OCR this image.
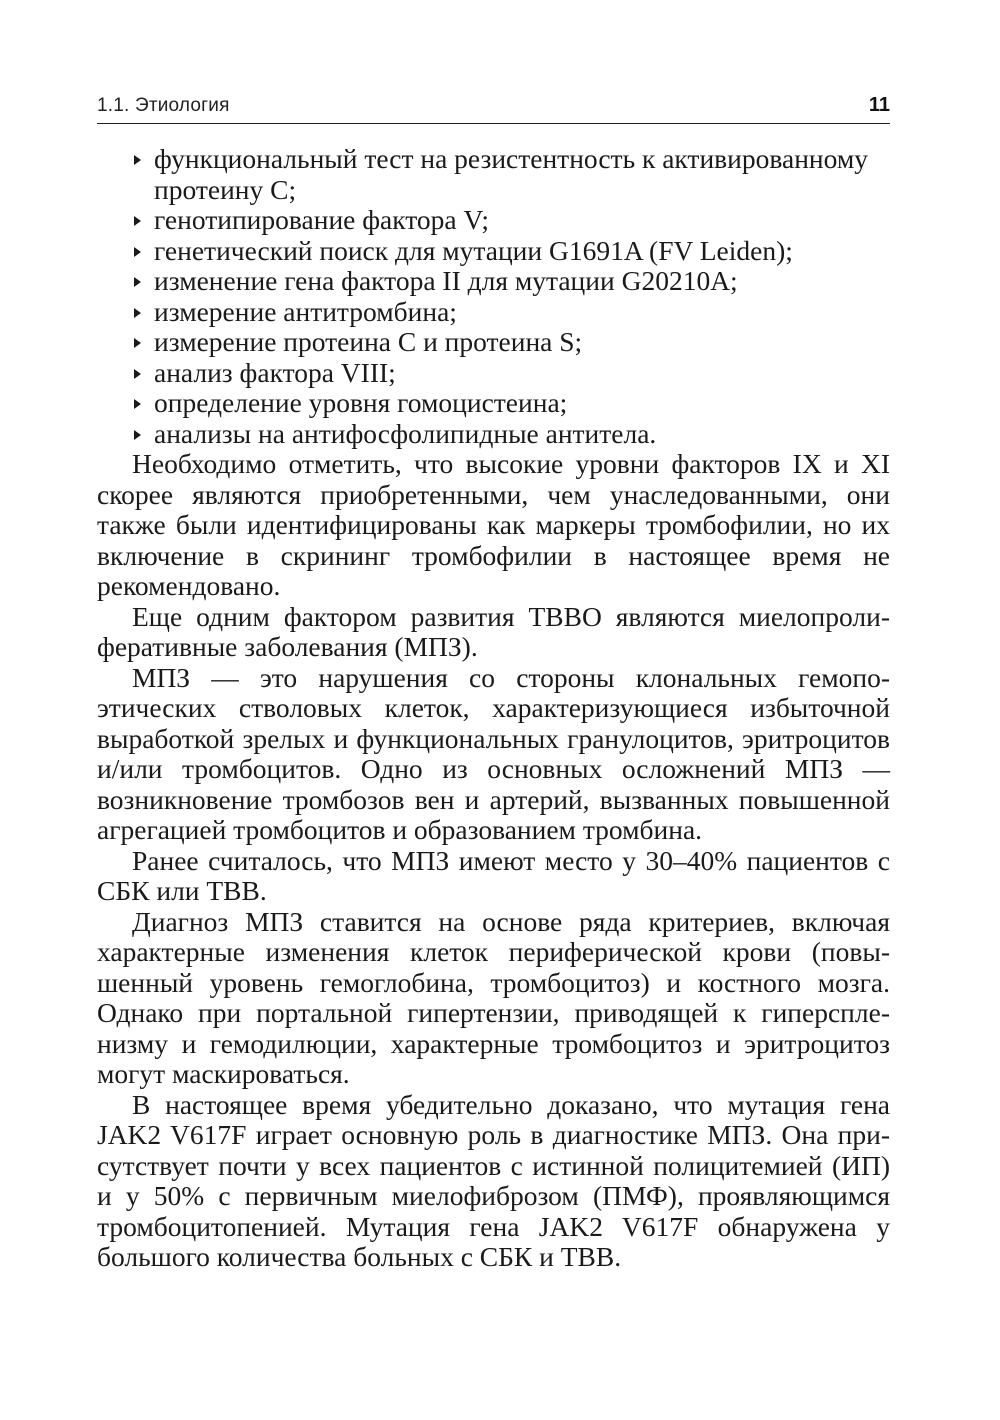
1.1. Этиология	11
функциональный тест на резистентность к активированному протеину C;
генотипирование фактора V;
генетический поиск для мутации G1691A (FV Leiden);
изменение гена фактора II для мутации G20210A;
измерение антитромбина;
измерение протеина C и протеина S;
анализ фактора VIII;
определение уровня гомоцистеина;
анализы на антифосфолипидные антитела.

Необходимо отметить, что высокие уровни факторов IX и XI скорее являются приобретенными, чем унаследованными, они также были идентифицированы как маркеры тромбофилии, но их включение в скрининг тромбофилии в настоящее время не рекомендовано.

Еще одним фактором развития ТВВО являются миелопролиферативные заболевания (МПЗ).

МПЗ — это нарушения со стороны клональных гемопоэтических стволовых клеток, характеризующиеся избыточной выработкой зрелых и функциональных гранулоцитов, эритроцитов и/или тромбоцитов. Одно из основных осложнений МПЗ — возникновение тромбозов вен и артерий, вызванных повышенной агрегацией тромбоцитов и образованием тромбина.

Ранее считалось, что МПЗ имеют место у 30–40% пациентов с СБК или ТВВ.

Диагноз МПЗ ставится на основе ряда критериев, включая характерные изменения клеток периферической крови (повышенный уровень гемоглобина, тромбоцитоз) и костного мозга. Однако при портальной гипертензии, приводящей к гиперспленизму и гемодилюции, характерные тромбоцитоз и эритроцитоз могут маскироваться.

В настоящее время убедительно доказано, что мутация гена JAK2 V617F играет основную роль в диагностике МПЗ. Она присутствует почти у всех пациентов с истинной полицитемией (ИП) и у 50% с первичным миелофиброзом (ПМФ), проявляющимся тромбоцитопенией. Мутация гена JAK2 V617F обнаружена у большого количества больных с СБК и ТВВ.
